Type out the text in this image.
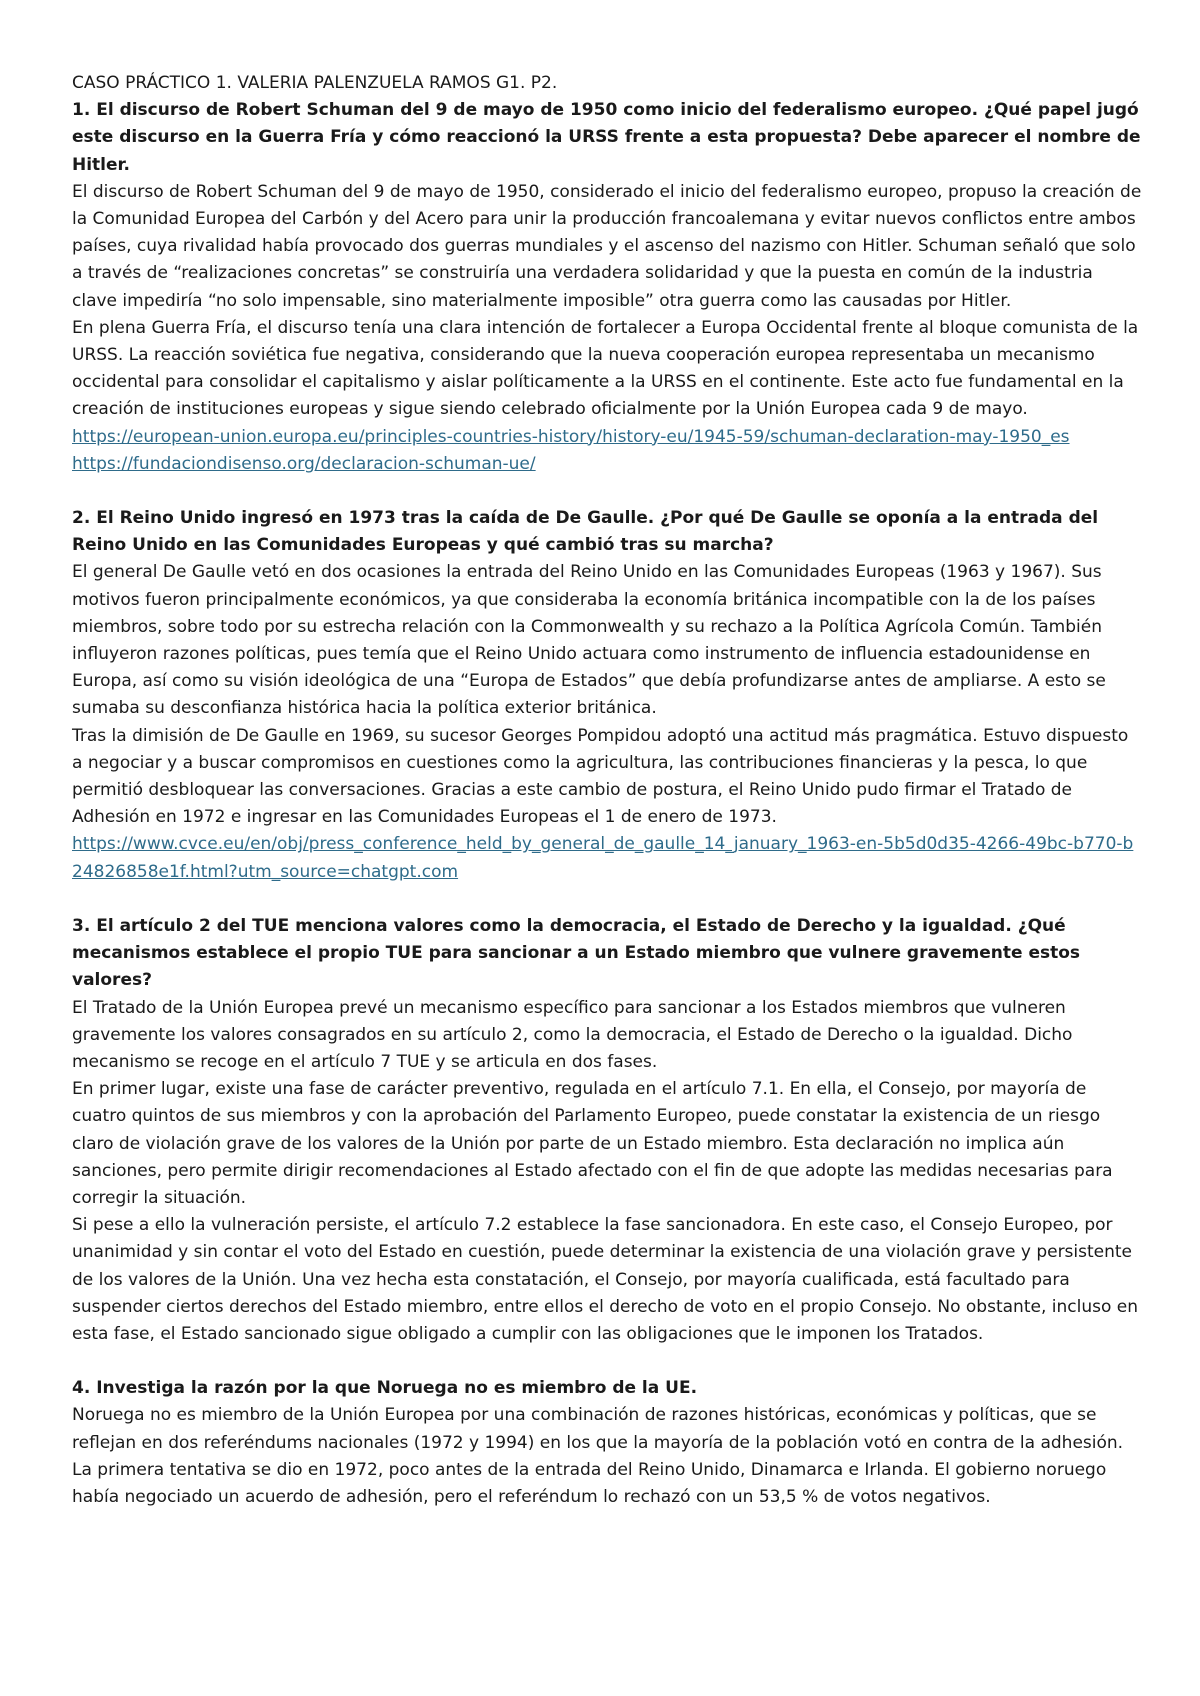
CASO PRÁCTICO 1. VALERIA PALENZUELA RAMOS G1. P2.

1. El discurso de Robert Schuman del 9 de mayo de 1950 como inicio del federalismo europeo. ¿Qué papel jugó este discurso en la Guerra Fría y cómo reaccionó la URSS frente a esta propuesta? Debe aparecer el nombre de Hitler.

El discurso de Robert Schuman del 9 de mayo de 1950, considerado el inicio del federalismo europeo, propuso la creación de la Comunidad Europea del Carbón y del Acero para unir la producción francoalemana y evitar nuevos conflictos entre ambos países, cuya rivalidad había provocado dos guerras mundiales y el ascenso del nazismo con Hitler. Schuman señaló que solo a través de “realizaciones concretas” se construiría una verdadera solidaridad y que la puesta en común de la industria clave impediría “no solo impensable, sino materialmente imposible” otra guerra como las causadas por Hitler.

En plena Guerra Fría, el discurso tenía una clara intención de fortalecer a Europa Occidental frente al bloque comunista de la URSS. La reacción soviética fue negativa, considerando que la nueva cooperación europea representaba un mecanismo occidental para consolidar el capitalismo y aislar políticamente a la URSS en el continente. Este acto fue fundamental en la creación de instituciones europeas y sigue siendo celebrado oficialmente por la Unión Europea cada 9 de mayo.

https://european-union.europa.eu/principles-countries-history/history-eu/1945-59/schuman-declaration-may-1950_es

https://fundaciondisenso.org/declaracion-schuman-ue/

2. El Reino Unido ingresó en 1973 tras la caída de De Gaulle. ¿Por qué De Gaulle se oponía a la entrada del Reino Unido en las Comunidades Europeas y qué cambió tras su marcha?

El general De Gaulle vetó en dos ocasiones la entrada del Reino Unido en las Comunidades Europeas (1963 y 1967). Sus motivos fueron principalmente económicos, ya que consideraba la economía británica incompatible con la de los países miembros, sobre todo por su estrecha relación con la Commonwealth y su rechazo a la Política Agrícola Común. También influyeron razones políticas, pues temía que el Reino Unido actuara como instrumento de influencia estadounidense en Europa, así como su visión ideológica de una “Europa de Estados” que debía profundizarse antes de ampliarse. A esto se sumaba su desconfianza histórica hacia la política exterior británica.

Tras la dimisión de De Gaulle en 1969, su sucesor Georges Pompidou adoptó una actitud más pragmática. Estuvo dispuesto a negociar y a buscar compromisos en cuestiones como la agricultura, las contribuciones financieras y la pesca, lo que permitió desbloquear las conversaciones. Gracias a este cambio de postura, el Reino Unido pudo firmar el Tratado de Adhesión en 1972 e ingresar en las Comunidades Europeas el 1 de enero de 1973.

https://www.cvce.eu/en/obj/press_conference_held_by_general_de_gaulle_14_january_1963-en-5b5d0d35-4266-49bc-b770-b24826858e1f.html?utm_source=chatgpt.com

3. El artículo 2 del TUE menciona valores como la democracia, el Estado de Derecho y la igualdad. ¿Qué mecanismos establece el propio TUE para sancionar a un Estado miembro que vulnere gravemente estos valores?

El Tratado de la Unión Europea prevé un mecanismo específico para sancionar a los Estados miembros que vulneren gravemente los valores consagrados en su artículo 2, como la democracia, el Estado de Derecho o la igualdad. Dicho mecanismo se recoge en el artículo 7 TUE y se articula en dos fases.

En primer lugar, existe una fase de carácter preventivo, regulada en el artículo 7.1. En ella, el Consejo, por mayoría de cuatro quintos de sus miembros y con la aprobación del Parlamento Europeo, puede constatar la existencia de un riesgo claro de violación grave de los valores de la Unión por parte de un Estado miembro. Esta declaración no implica aún sanciones, pero permite dirigir recomendaciones al Estado afectado con el fin de que adopte las medidas necesarias para corregir la situación.

Si pese a ello la vulneración persiste, el artículo 7.2 establece la fase sancionadora. En este caso, el Consejo Europeo, por unanimidad y sin contar el voto del Estado en cuestión, puede determinar la existencia de una violación grave y persistente de los valores de la Unión. Una vez hecha esta constatación, el Consejo, por mayoría cualificada, está facultado para suspender ciertos derechos del Estado miembro, entre ellos el derecho de voto en el propio Consejo. No obstante, incluso en esta fase, el Estado sancionado sigue obligado a cumplir con las obligaciones que le imponen los Tratados.

4. Investiga la razón por la que Noruega no es miembro de la UE.

Noruega no es miembro de la Unión Europea por una combinación de razones históricas, económicas y políticas, que se reflejan en dos referéndums nacionales (1972 y 1994) en los que la mayoría de la población votó en contra de la adhesión.

La primera tentativa se dio en 1972, poco antes de la entrada del Reino Unido, Dinamarca e Irlanda. El gobierno noruego había negociado un acuerdo de adhesión, pero el referéndum lo rechazó con un 53,5 % de votos negativos.
